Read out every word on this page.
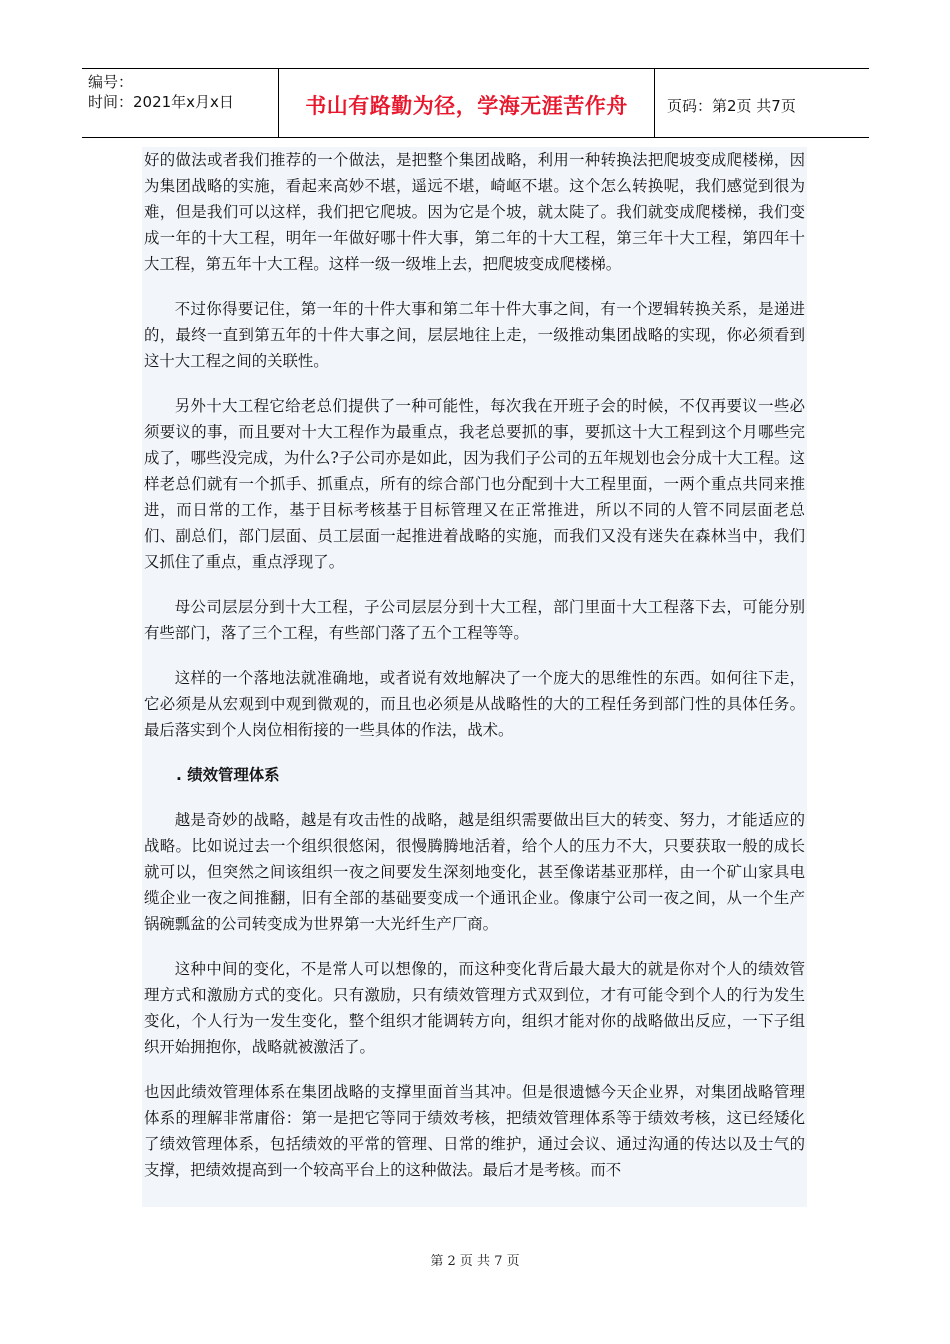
编号：
时间：2021年x月x日	书山有路勤为径，学海无涯苦作舟	页码：第2页 共7页

好的做法或者我们推荐的一个做法，是把整个集团战略，利用一种转换法把爬坡变成爬楼梯，因为集团战略的实施，看起来高妙不堪，遥远不堪，崎岖不堪。这个怎么转换呢，我们感觉到很为难，但是我们可以这样，我们把它爬坡。因为它是个坡，就太陡了。我们就变成爬楼梯，我们变成一年的十大工程，明年一年做好哪十件大事，第二年的十大工程，第三年十大工程，第四年十大工程，第五年十大工程。这样一级一级堆上去，把爬坡变成爬楼梯。

不过你得要记住，第一年的十件大事和第二年十件大事之间，有一个逻辑转换关系，是递进的，最终一直到第五年的十件大事之间，层层地往上走，一级推动集团战略的实现，你必须看到这十大工程之间的关联性。

另外十大工程它给老总们提供了一种可能性，每次我在开班子会的时候，不仅再要议一些必须要议的事，而且要对十大工程作为最重点，我老总要抓的事，要抓这十大工程到这个月哪些完成了，哪些没完成，为什么?子公司亦是如此，因为我们子公司的五年规划也会分成十大工程。这样老总们就有一个抓手、抓重点，所有的综合部门也分配到十大工程里面，一两个重点共同来推进，而日常的工作，基于目标考核基于目标管理又在正常推进，所以不同的人管不同层面老总们、副总们，部门层面、员工层面一起推进着战略的实施，而我们又没有迷失在森林当中，我们又抓住了重点，重点浮现了。

母公司层层分到十大工程，子公司层层分到十大工程，部门里面十大工程落下去，可能分别有些部门，落了三个工程，有些部门落了五个工程等等。

这样的一个落地法就准确地，或者说有效地解决了一个庞大的思维性的东西。如何往下走，它必须是从宏观到中观到微观的，而且也必须是从战略性的大的工程任务到部门性的具体任务。最后落实到个人岗位相衔接的一些具体的作法，战术。

. 绩效管理体系

越是奇妙的战略，越是有攻击性的战略，越是组织需要做出巨大的转变、努力，才能适应的战略。比如说过去一个组织很悠闲，很慢腾腾地活着，给个人的压力不大，只要获取一般的成长就可以，但突然之间该组织一夜之间要发生深刻地变化，甚至像诺基亚那样，由一个矿山家具电缆企业一夜之间推翻，旧有全部的基础要变成一个通讯企业。像康宁公司一夜之间，从一个生产锅碗瓢盆的公司转变成为世界第一大光纤生产厂商。

这种中间的变化，不是常人可以想像的，而这种变化背后最大最大的就是你对个人的绩效管理方式和激励方式的变化。只有激励，只有绩效管理方式双到位，才有可能令到个人的行为发生变化，个人行为一发生变化，整个组织才能调转方向，组织才能对你的战略做出反应，一下子组织开始拥抱你，战略就被激活了。

也因此绩效管理体系在集团战略的支撑里面首当其冲。但是很遗憾今天企业界，对集团战略管理体系的理解非常庸俗：第一是把它等同于绩效考核，把绩效管理体系等于绩效考核，这已经矮化了绩效管理体系，包括绩效的平常的管理、日常的维护，通过会议、通过沟通的传达以及士气的支撑，把绩效提高到一个较高平台上的这种做法。最后才是考核。而不

第 2 页 共 7 页
